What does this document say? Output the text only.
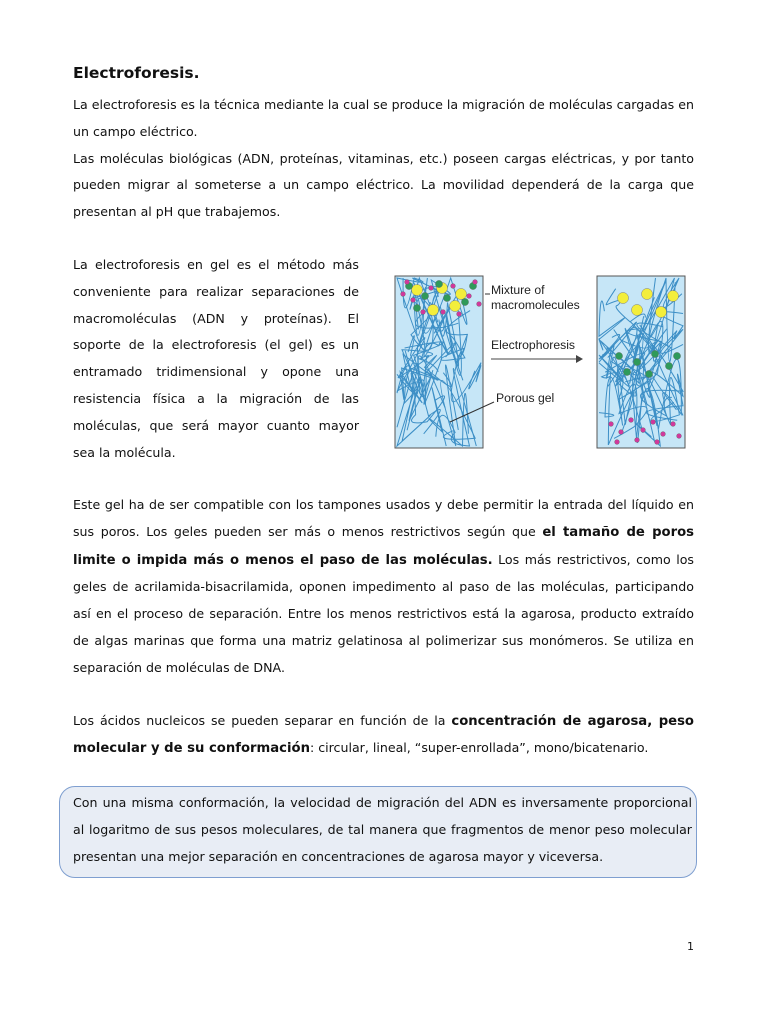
Electroforesis.

La electroforesis es la técnica mediante la cual se produce la migración de moléculas cargadas en un campo eléctrico.

Las moléculas biológicas (ADN, proteínas, vitaminas, etc.) poseen cargas eléctricas, y por tanto pueden migrar al someterse a un campo eléctrico. La movilidad dependerá de la carga que presentan al pH que trabajemos.

La electroforesis en gel es el método más conveniente para realizar separaciones de macromoléculas (ADN y proteínas). El soporte de la electroforesis (el gel) es un entramado tridimensional y opone una resistencia física a la migración de las moléculas, que será mayor cuanto mayor sea la molécula.

Mixture of
macromolecules
Electrophoresis
Porous gel

Este gel ha de ser compatible con los tampones usados y debe permitir la entrada del líquido en sus poros. Los geles pueden ser más o menos restrictivos según que el tamaño de poros limite o impida más o menos el paso de las moléculas. Los más restrictivos, como los geles de acrilamida-bisacrilamida, oponen impedimento al paso de las moléculas, participando así en el proceso de separación. Entre los menos restrictivos está la agarosa, producto extraído de algas marinas que forma una matriz gelatinosa al polimerizar sus monómeros. Se utiliza en separación de moléculas de DNA.

Los ácidos nucleicos se pueden separar en función de la concentración de agarosa, peso molecular y de su conformación: circular, lineal, “super-enrollada”, mono/bicatenario.

Con una misma conformación, la velocidad de migración del ADN es inversamente proporcional al logaritmo de sus pesos moleculares, de tal manera que fragmentos de menor peso molecular presentan una mejor separación en concentraciones de agarosa mayor y viceversa.

1
